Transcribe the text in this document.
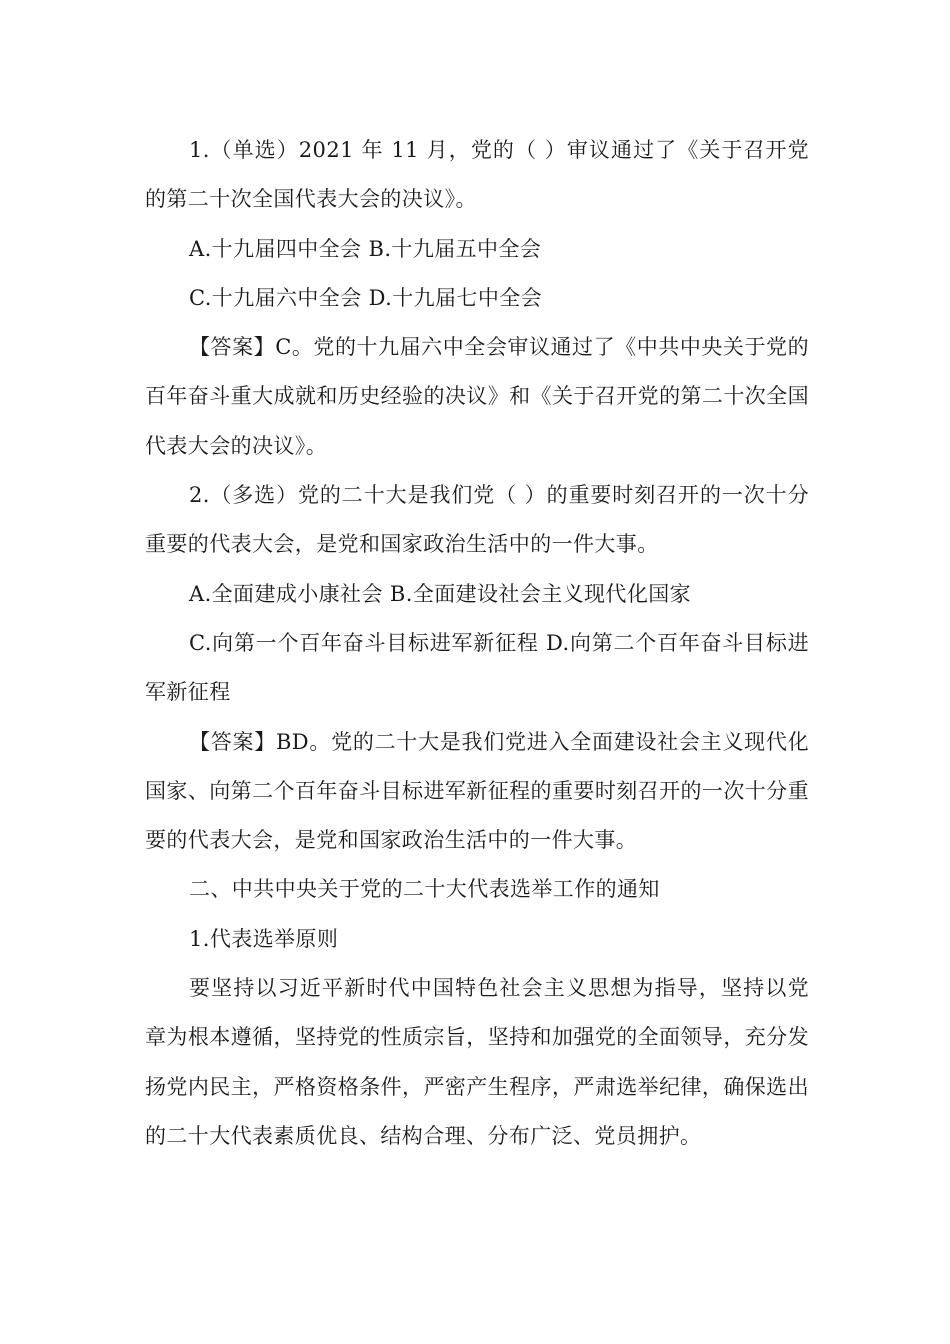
1.（单选）2021 年 11 月，党的（ ）审议通过了《关于召开党的第二十次全国代表大会的决议》。

A.十九届四中全会 B.十九届五中全会

C.十九届六中全会 D.十九届七中全会

【答案】C。党的十九届六中全会审议通过了《中共中央关于党的百年奋斗重大成就和历史经验的决议》和《关于召开党的第二十次全国代表大会的决议》。

2.（多选）党的二十大是我们党（ ）的重要时刻召开的一次十分重要的代表大会，是党和国家政治生活中的一件大事。

A.全面建成小康社会 B.全面建设社会主义现代化国家

C.向第一个百年奋斗目标进军新征程 D.向第二个百年奋斗目标进军新征程

【答案】BD。党的二十大是我们党进入全面建设社会主义现代化国家、向第二个百年奋斗目标进军新征程的重要时刻召开的一次十分重要的代表大会，是党和国家政治生活中的一件大事。

二、中共中央关于党的二十大代表选举工作的通知

1.代表选举原则

要坚持以习近平新时代中国特色社会主义思想为指导，坚持以党章为根本遵循，坚持党的性质宗旨，坚持和加强党的全面领导，充分发扬党内民主，严格资格条件，严密产生程序，严肃选举纪律，确保选出的二十大代表素质优良、结构合理、分布广泛、党员拥护。
